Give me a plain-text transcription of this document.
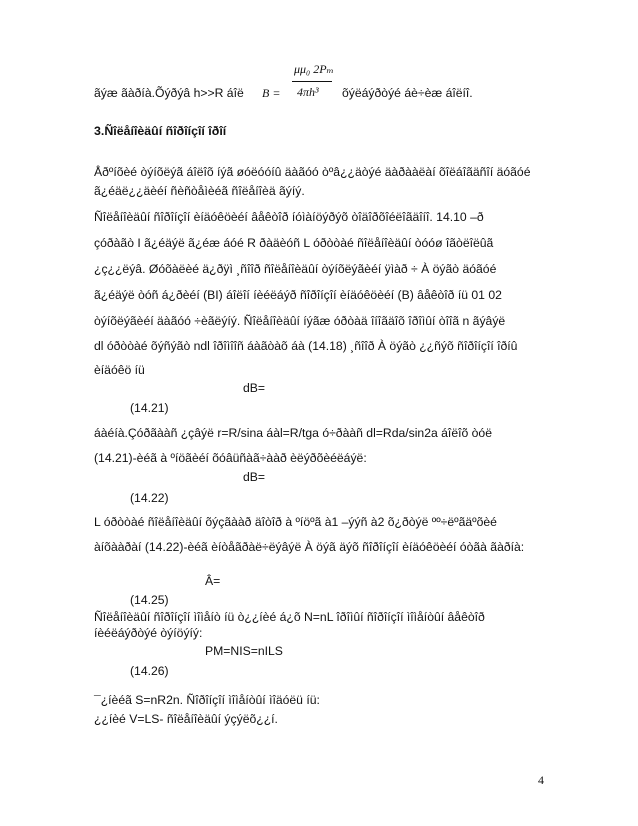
ãýæ ãàðíà.Õýðýâ h>>R áîë B =
μμ₀ 2Pₘ
4πh³ õýëáýðòýé áè÷èæ áîëíî.
3.Ñîëåíîèäûí ñîðîíçîí îðîí
Åðºíõèé òýíõëýã áîëîõ íýã øóëóóíû äàãóó òºâ¿¿äòýé äàðààëàí õîëáîãäñîí äóãóé
ã¿éäë¿¿äèéí ñèñòåìèéã ñîëåíîèä ãýíý.
Ñîëåíîèäûí ñîðîíçîí èíäóêöèéí âåêòîð íóìàíöýðýõ òîäîðõîéëîãäîíî. 14.10 –ð
çóðàãò I ã¿éäýë ã¿éæ áóé R ðàäèóñ L óðòòàé ñîëåíîèäûí òóóø îãòëîëûã
¿ç¿¿ëýâ. Øóõàëèé ä¿ðÿì ¸ñîîð ñîëåíîèäûí òýíõëýãèéí ÿìàð ÷ À öýãò äóãóé
ã¿éäýë òóñ á¿ðèéí (BI) áîëîí íèéëáýð ñîðîíçîí èíäóêöèéí (B) âåêòîð íü 01 02
òýíõëýãèéí äàãóó ÷èãëýíý. Ñîëåíîèäûí íýãæ óðòàä îíîãäîõ îðîìûí òîîã n ãýâýë
dl óðòòàé õýñýãò ndl îðîìîîñ áàãòàõ áà (14.18) ¸ñîîð À öýãò ¿¿ñýõ ñîðîíçîí îðíû
èíäóêö íü
dB=
(14.21)
áàéíà.Çóðãààñ ¿çâýë r=R/sina áàl=R/tga ó÷ðààñ dl=Rda/sin2a áîëîõ òóë
(14.21)-èéã à ºíöãèéí õóâüñàã÷ààð èëýðõèéëáýë:
dB=
(14.22)
L óðòòàé ñîëåíîèäûí õýçãààð äîòîð à ºíöºã à1 –ýýñ à2 õ¿ðòýë ºº÷ëºãäºõèé
àíõààðàí (14.22)-èéã èíòåãðàë÷ëýâýë À öýã äýõ ñîðîíçîí èíäóêöèéí óòãà ãàðíà:
Â=
(14.25)
Ñîëåíîèäûí ñîðîíçîí ìîìåíò íü ò¿¿íèé á¿õ N=nL îðîìûí ñîðîíçîí ìîìåíòûí âåêòîð
íèéëáýðòýé òýíöýíý:
PM=NIS=nILS
(14.26)
¯¿íèéã S=nR2n. Ñîðîíçîí ìîìåíòûí ìîäóëü íü:
¿¿íèé V=LS- ñîëåíîèäûí ýçýëõ¿¿í.
4
